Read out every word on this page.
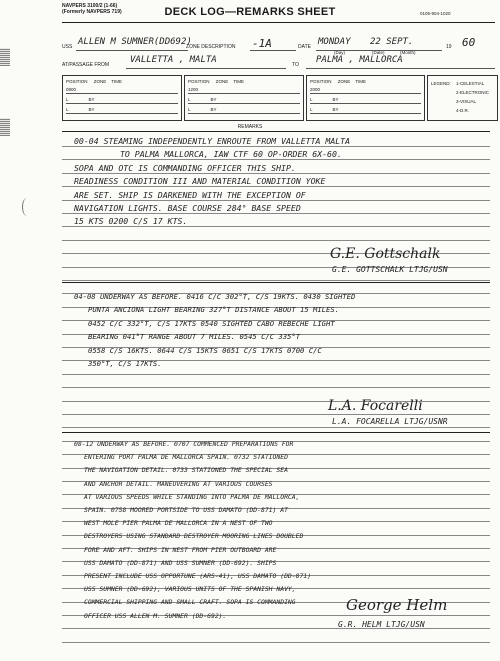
NAVPERS 3100/2 (1-66)
(Formerly NAVPERS 719)	DECK LOG—REMARKS SHEET	0105-904-1020
USS ALLEN M SUMNER(DD692)
ZONE DESCRIPTION -1A	DATE MONDAY 22 SEPT.	19 60
(Day)	(Date)	(Month)
AT/PASSAGE FROM VALLETTA , MALTA	TO PALMA , MALLORCA
POSITION ZONE TIME
0800
L	BY
L	BY
POSITION ZONE TIME
1200
L	BY
L	BY
POSITION ZONE TIME
2000
L	BY
L	BY
LEGEND: 1-CELESTIAL
2-ELECTRONIC
3-VISUAL
4-D.R.
REMARKS
00-04 STEAMING INDEPENDENTLY ENROUTE FROM VALLETTA MALTA
TO PALMA MALLORCA, IAW CTF 60 OP-ORDER 6X-60.
SOPA AND OTC IS COMMANDING OFFICER THIS SHIP.
READINESS CONDITION III AND MATERIAL CONDITION YOKE
ARE SET. SHIP IS DARKENED WITH THE EXCEPTION OF
NAVIGATION LIGHTS. BASE COURSE 284° BASE SPEED
15 KTS 0200 C/S 17 KTS.
G.E. Gottschalk
G.E. GOTTSCHALK LTJG/USN
04-08 UNDERWAY AS BEFORE. 0416 C/C 302°T, C/S 19KTS. 0430 SIGHTED
PUNTA ANCIONA LIGHT BEARING 327°T DISTANCE ABOUT 15 MILES.
0452 C/C 332°T, C/S 17KTS 0540 SIGHTED CABO REBECHE LIGHT
BEARING 041°T RANGE ABOUT 7 MILES. 0545 C/C 335°T
0558 C/S 16KTS. 0644 C/S 15KTS 0651 C/S 17KTS 0700 C/C
350°T, C/S 17KTS.
L.A. Focarelli
L.A. FOCARELLA LTJG/USNR
08-12 UNDERWAY AS BEFORE. 0707 COMMENCED PREPARATIONS FOR
ENTERING PORT PALMA DE MALLORCA SPAIN. 0732 STATIONED
THE NAVIGATION DETAIL. 0733 STATIONED THE SPECIAL SEA
AND ANCHOR DETAIL. MANEUVERING AT VARIOUS COURSES
AT VARIOUS SPEEDS WHILE STANDING INTO PALMA DE MALLORCA,
SPAIN. 0758 MOORED PORTSIDE TO USS DAMATO (DD-871) AT
WEST MOLE PIER PALMA DE MALLORCA IN A NEST OF TWO
DESTROYERS USING STANDARD DESTROYER MOORING LINES DOUBLED
FORE AND AFT. SHIPS IN NEST FROM PIER OUTBOARD ARE
USS DAMATO (DD-871) AND USS SUMNER (DD-692). SHIPS
PRESENT INCLUDE USS OPPORTUNE (ARS-41), USS DAMATO (DD-871)
USS SUMNER (DD-692), VARIOUS UNITS OF THE SPANISH NAVY,
COMMERCIAL SHIPPING AND SMALL CRAFT. SOPA IS COMMANDING
OFFICER USS ALLEN M. SUMNER (DD-692).
George Helm
G.R. HELM LTJG/USN
